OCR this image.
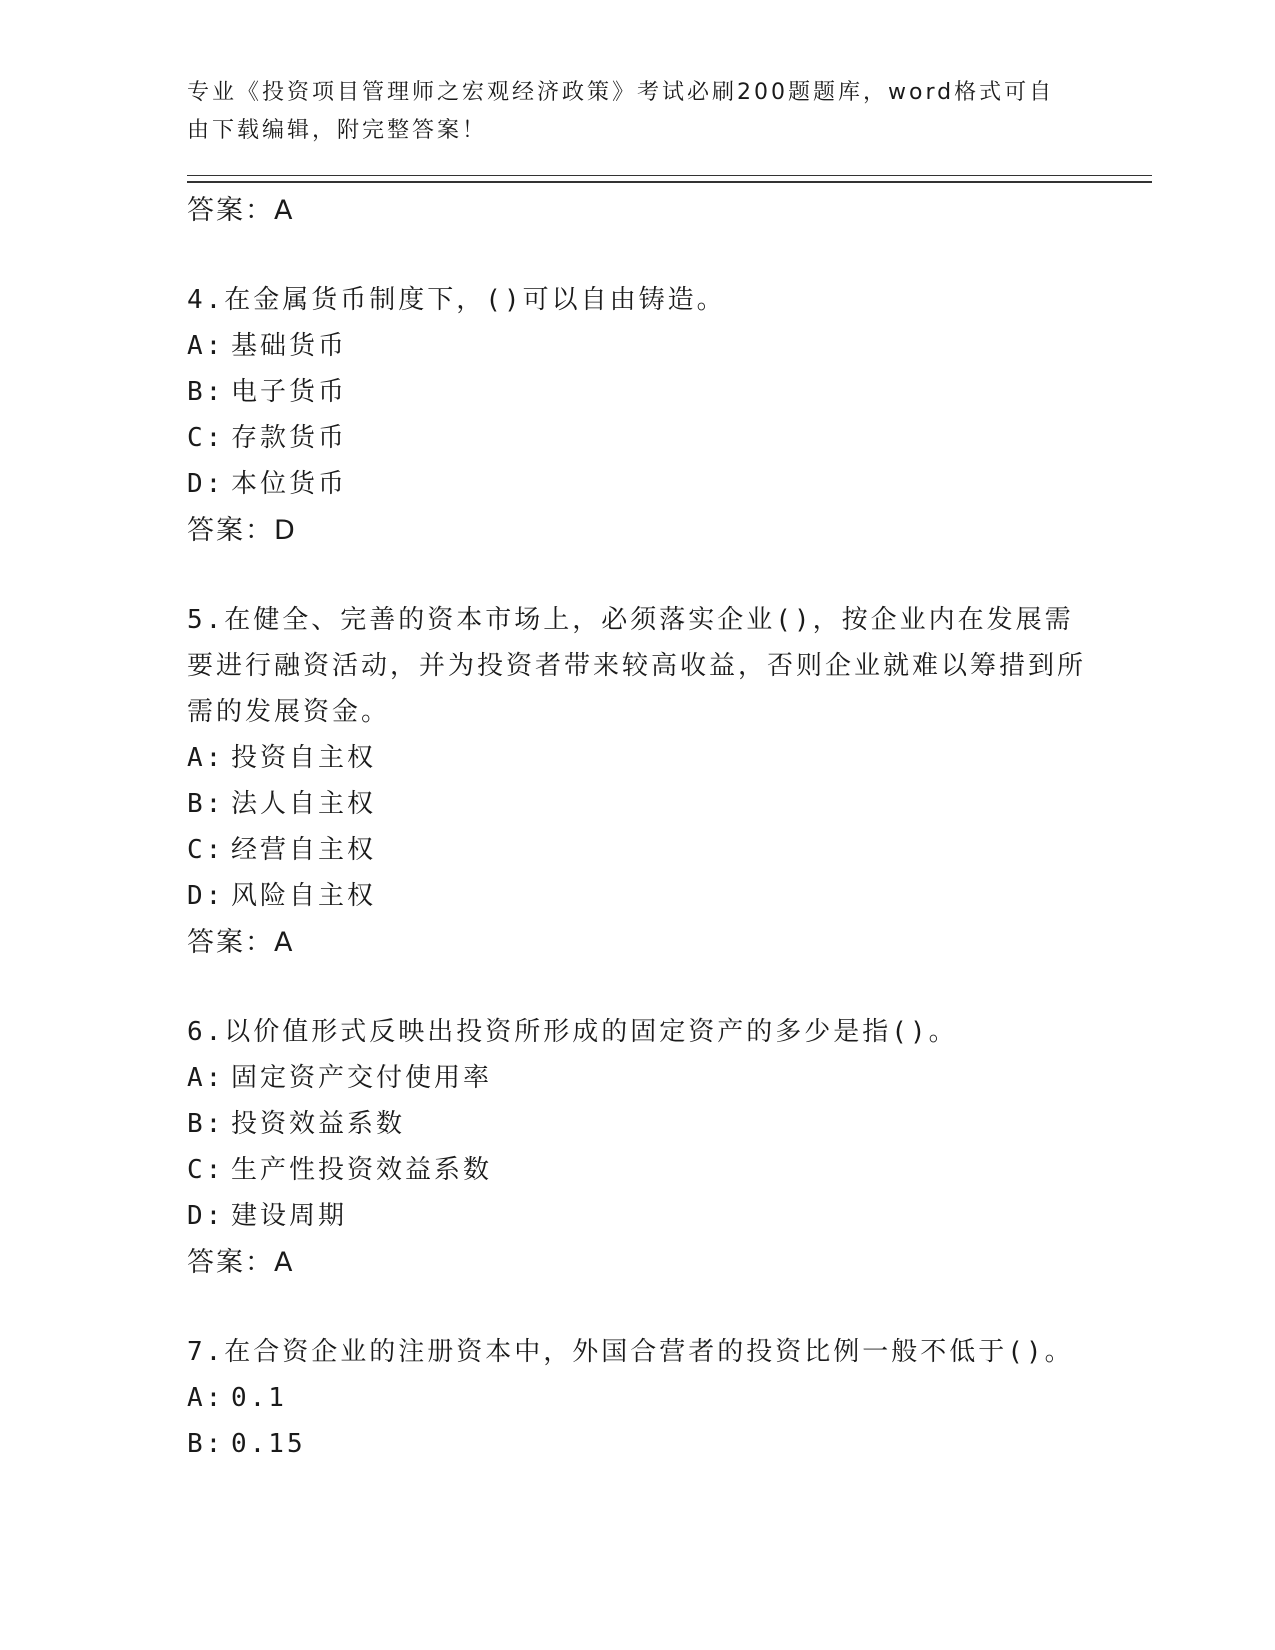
专业《投资项目管理师之宏观经济政策》考试必刷200题题库，word格式可自由下载编辑，附完整答案！
答案：A
4.在金属货币制度下，()可以自由铸造。
A: 基础货币
B: 电子货币
C: 存款货币
D: 本位货币
答案：D
5.在健全、完善的资本市场上，必须落实企业()，按企业内在发展需要进行融资活动，并为投资者带来较高收益，否则企业就难以筹措到所需的发展资金。
A: 投资自主权
B: 法人自主权
C: 经营自主权
D: 风险自主权
答案：A
6.以价值形式反映出投资所形成的固定资产的多少是指()。
A: 固定资产交付使用率
B: 投资效益系数
C: 生产性投资效益系数
D: 建设周期
答案：A
7.在合资企业的注册资本中，外国合营者的投资比例一般不低于()。
A: 0.1
B: 0.15
